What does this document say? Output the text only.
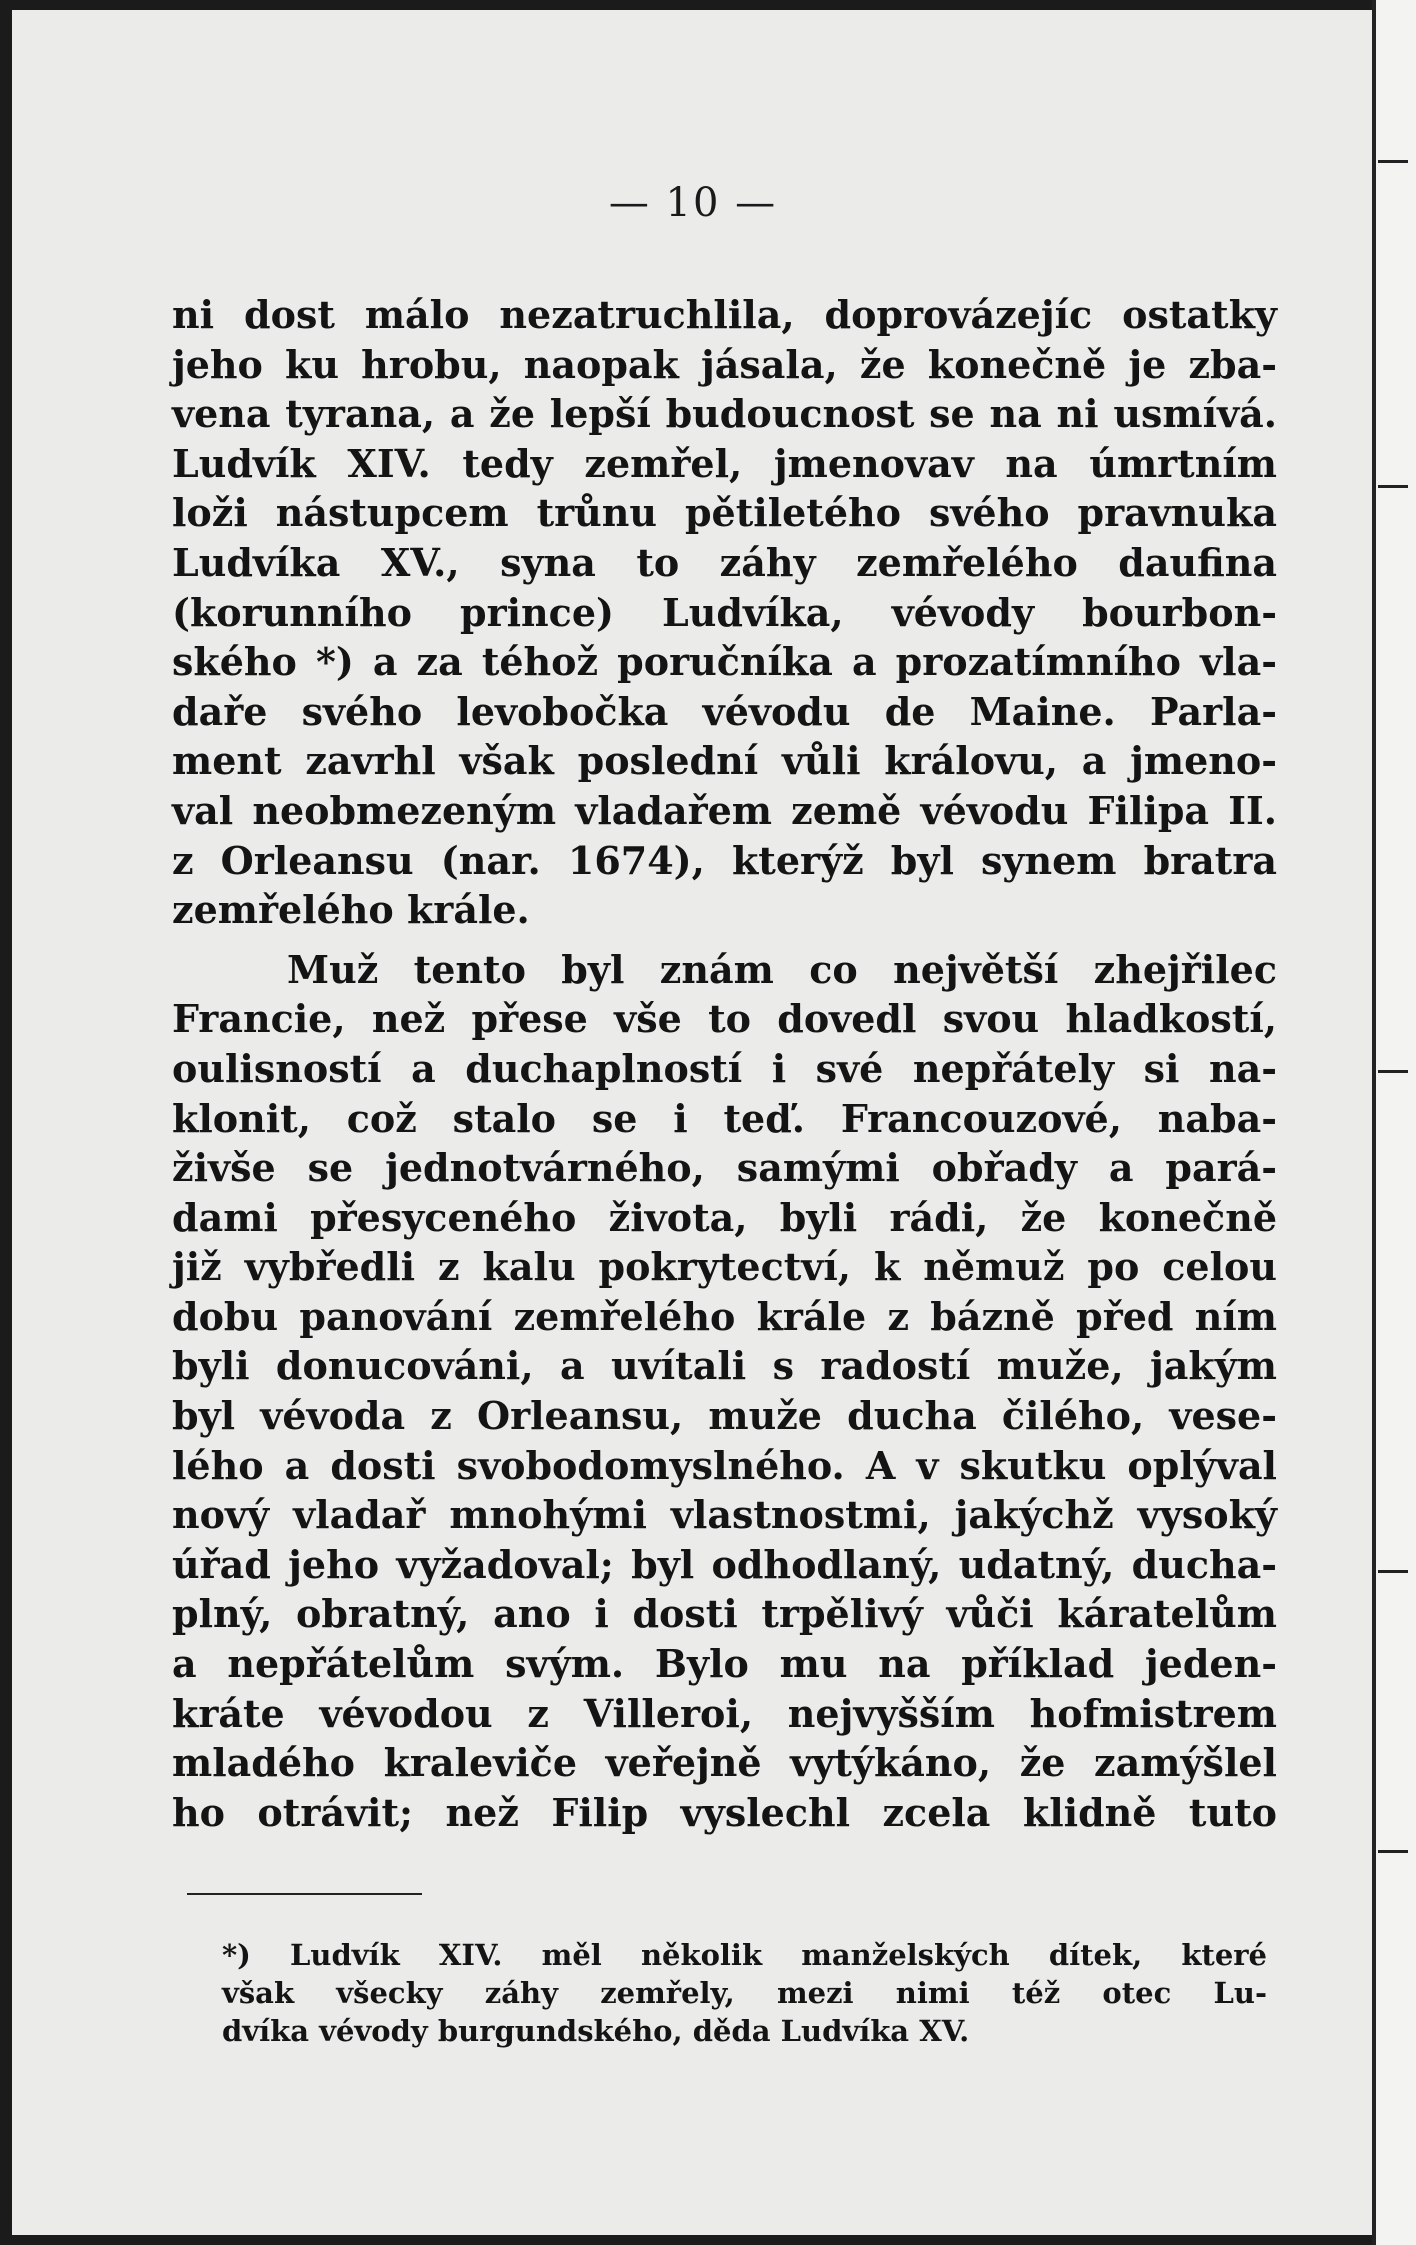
— 10 —
ni dost málo nezatruchlila, doprovázejíc ostatky
jeho ku hrobu, naopak jásala, že konečně je zba-
vena tyrana, a že lepší budoucnost se na ni usmívá.
Ludvík XIV. tedy zemřel, jmenovav na úmrtním
loži nástupcem trůnu pětiletého svého pravnuka
Ludvíka XV., syna to záhy zemřelého daufina
(korunního prince) Ludvíka, vévody bourbon-
ského *) a za téhož poručníka a prozatímního vla-
daře svého levobočka vévodu de Maine. Parla-
ment zavrhl však poslední vůli královu, a jmeno-
val neobmezeným vladařem země vévodu Filipa II.
z Orleansu (nar. 1674), kterýž byl synem bratra
zemřelého krále.
Muž tento byl znám co největší zhejřilec
Francie, než přese vše to dovedl svou hladkostí,
oulisností a duchaplností i své nepřátely si na-
klonit, což stalo se i teď. Francouzové, naba-
živše se jednotvárného, samými obřady a pará-
dami přesyceného života, byli rádi, že konečně
již vybředli z kalu pokrytectví, k němuž po celou
dobu panování zemřelého krále z bázně před ním
byli donucováni, a uvítali s radostí muže, jakým
byl vévoda z Orleansu, muže ducha čilého, vese-
lého a dosti svobodomyslného. A v skutku oplýval
nový vladař mnohými vlastnostmi, jakýchž vysoký
úřad jeho vyžadoval; byl odhodlaný, udatný, ducha-
plný, obratný, ano i dosti trpělivý vůči káratelům
a nepřátelům svým. Bylo mu na příklad jeden-
kráte vévodou z Villeroi, nejvyšším hofmistrem
mladého kraleviče veřejně vytýkáno, že zamýšlel
ho otrávit; než Filip vyslechl zcela klidně tuto
*) Ludvík XIV. měl několik manželských dítek, které
však všecky záhy zemřely, mezi nimi též otec Lu-
dvíka vévody burgundského, děda Ludvíka XV.
